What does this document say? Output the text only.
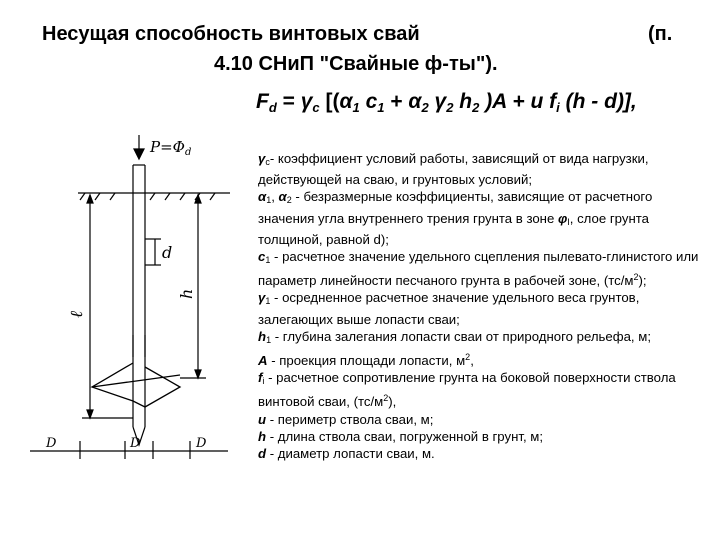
Несущая способность винтовых свай	(п.
4.10 СНиП "Свайные ф-ты").
$F_d = \gamma_c$ [($\alpha_1$ $c_1 + \alpha_2$ $\gamma_2$ $h_2$ )A + u $f_i$ (h - d)],
$P=\Phi_d$
d
ℓ
h
D	D	D

$\gamma_c-$ коэффициент условий работы, зависящий от вида нагрузки, действующей на сваю, и грунтовых условий;

$\alpha_1$, $\alpha_2$ - безразмерные коэффициенты, зависящие от расчетного значения угла внутреннего трения грунта в зоне $\varphi_I$, слое грунта толщиной, равной d);

$c_1$ - расчетное значение удельного сцепления пылевато-глинистого или параметр линейности песчаного грунта в рабочей зоне, $(тс/м^2)$;

$\gamma_1$ - осредненное расчетное значение удельного веса грунтов, залегающих выше лопасти сваи;

$h_1$ - глубина залегания лопасти сваи от природного рельефа, м;

A - проекция площади лопасти, $м^2$,

$f_i$ - расчетное сопротивление грунта на боковой поверхности ствола винтовой сваи, $(тс/м^2)$,

u - периметр ствола сваи, м;

h - длина ствола сваи, погруженной в грунт, м;

d - диаметр лопасти сваи, м.
